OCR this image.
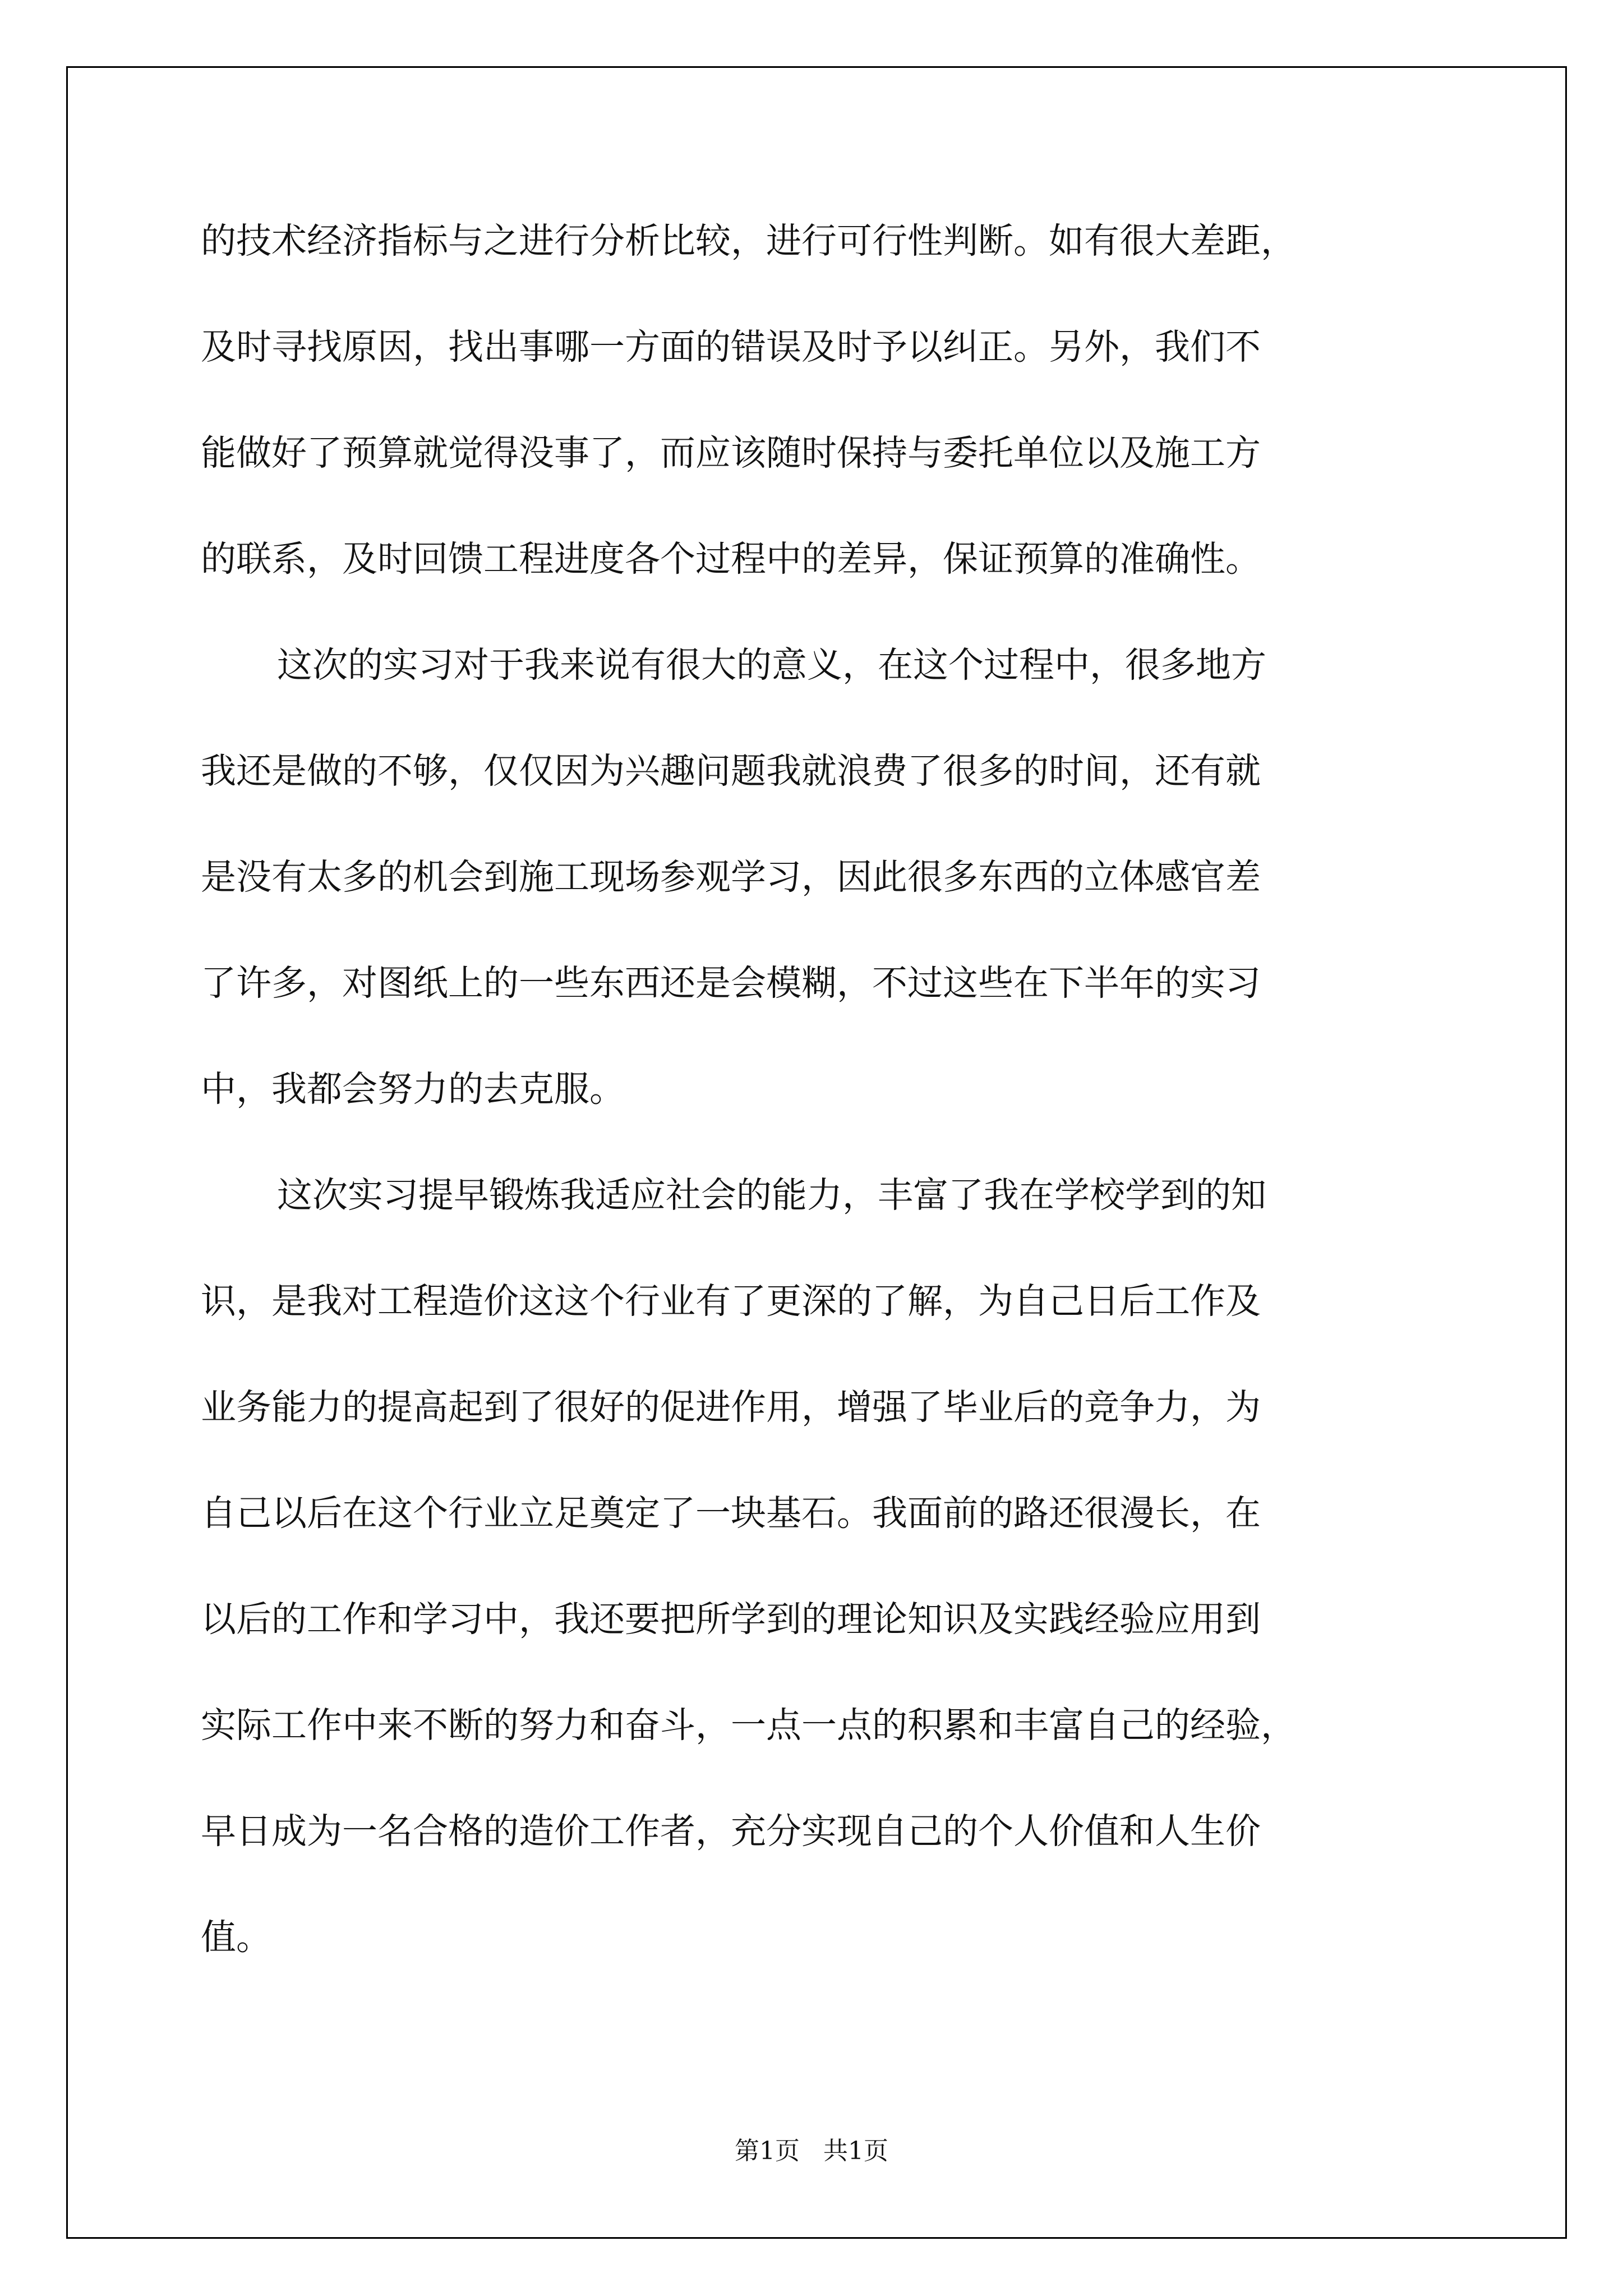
的技术经济指标与之进行分析比较，进行可行性判断。如有很大差距，
及时寻找原因，找出事哪一方面的错误及时予以纠正。另外，我们不
能做好了预算就觉得没事了，而应该随时保持与委托单位以及施工方
的联系，及时回馈工程进度各个过程中的差异，保证预算的准确性。
这次的实习对于我来说有很大的意义，在这个过程中，很多地方
我还是做的不够，仅仅因为兴趣问题我就浪费了很多的时间，还有就
是没有太多的机会到施工现场参观学习，因此很多东西的立体感官差
了许多，对图纸上的一些东西还是会模糊，不过这些在下半年的实习
中，我都会努力的去克服。
这次实习提早锻炼我适应社会的能力，丰富了我在学校学到的知
识，是我对工程造价这这个行业有了更深的了解，为自己日后工作及
业务能力的提高起到了很好的促进作用，增强了毕业后的竞争力，为
自己以后在这个行业立足奠定了一块基石。我面前的路还很漫长，在
以后的工作和学习中，我还要把所学到的理论知识及实践经验应用到
实际工作中来不断的努力和奋斗，一点一点的积累和丰富自己的经验，
早日成为一名合格的造价工作者，充分实现自己的个人价值和人生价
值。
第1页 共1页
